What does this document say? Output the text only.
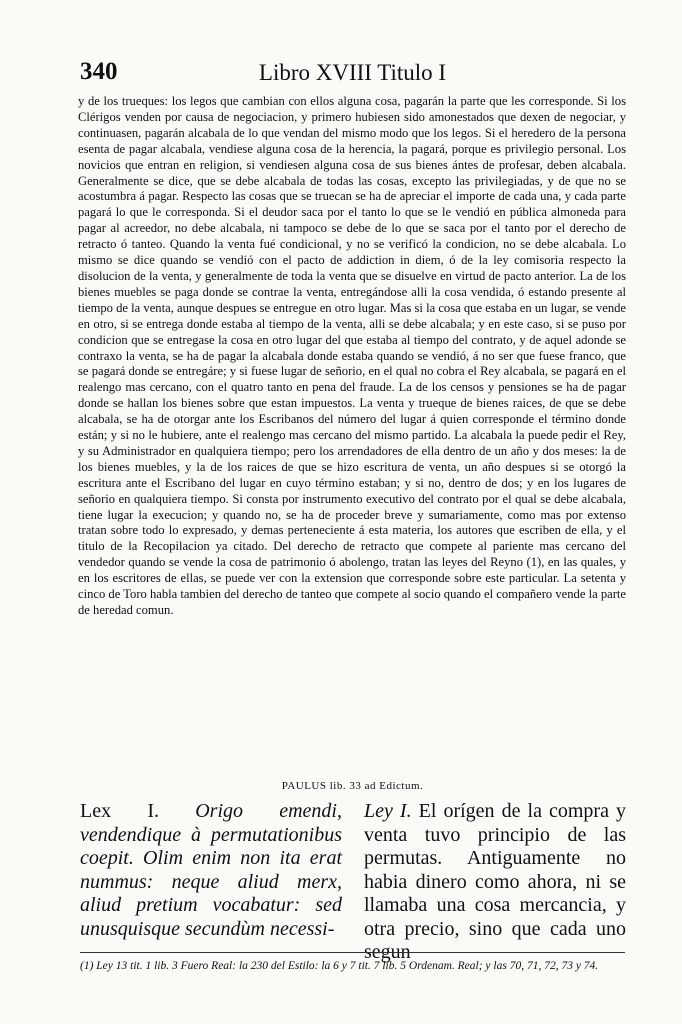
340	Libro XVIII Titulo I

y de los trueques: los legos que cambian con ellos alguna cosa, pagarán la parte que les corresponde. Si los Clérigos venden por causa de negociacion, y primero hubiesen sido amonestados que dexen de negociar, y continuasen, pagarán alcabala de lo que vendan del mismo modo que los legos. Si el heredero de la persona esenta de pagar alcabala, vendiese alguna cosa de la herencia, la pagará, porque es privilegio personal. Los novicios que entran en religion, si vendiesen alguna cosa de sus bienes ántes de profesar, deben alcabala. Generalmente se dice, que se debe alcabala de todas las cosas, excepto las privilegiadas, y de que no se acostumbra á pagar. Respecto las cosas que se truecan se ha de apreciar el importe de cada una, y cada parte pagará lo que le corresponda. Si el deudor saca por el tanto lo que se le vendió en pública almoneda para pagar al acreedor, no debe alcabala, ni tampoco se debe de lo que se saca por el tanto por el derecho de retracto ó tanteo. Quando la venta fué condicional, y no se verificó la condicion, no se debe alcabala. Lo mismo se dice quando se vendió con el pacto de addiction in diem, ó de la ley comisoria respecto la disolucion de la venta, y generalmente de toda la venta que se disuelve en virtud de pacto anterior. La de los bienes muebles se paga donde se contrae la venta, entregándose alli la cosa vendida, ó estando presente al tiempo de la venta, aunque despues se entregue en otro lugar. Mas si la cosa que estaba en un lugar, se vende en otro, si se entrega donde estaba al tiempo de la venta, alli se debe alcabala; y en este caso, si se puso por condicion que se entregase la cosa en otro lugar del que estaba al tiempo del contrato, y de aquel adonde se contraxo la venta, se ha de pagar la alcabala donde estaba quando se vendió, á no ser que fuese franco, que se pagará donde se entregáre; y si fuese lugar de señorio, en el qual no cobra el Rey alcabala, se pagará en el realengo mas cercano, con el quatro tanto en pena del fraude. La de los censos y pensiones se ha de pagar donde se hallan los bienes sobre que estan impuestos. La venta y trueque de bienes raices, de que se debe alcabala, se ha de otorgar ante los Escribanos del número del lugar á quien corresponde el término donde están; y si no le hubiere, ante el realengo mas cercano del mismo partido. La alcabala la puede pedir el Rey, y su Administrador en qualquiera tiempo; pero los arrendadores de ella dentro de un año y dos meses: la de los bienes muebles, y la de los raices de que se hizo escritura de venta, un año despues si se otorgó la escritura ante el Escribano del lugar en cuyo término estaban; y si no, dentro de dos; y en los lugares de señorio en qualquiera tiempo. Si consta por instrumento executivo del contrato por el qual se debe alcabala, tiene lugar la execucion; y quando no, se ha de proceder breve y sumariamente, como mas por extenso tratan sobre todo lo expresado, y demas perteneciente á esta materia, los autores que escriben de ella, y el titulo de la Recopilacion ya citado. Del derecho de retracto que compete al pariente mas cercano del vendedor quando se vende la cosa de patrimonio ó abolengo, tratan las leyes del Reyno (1), en las quales, y en los escritores de ellas, se puede ver con la extension que corresponde sobre este particular. La setenta y cinco de Toro habla tambien del derecho de tanteo que compete al socio quando el compañero vende la parte de heredad comun.

PAULUS lib. 33 ad Edictum.

Lex I. Origo emendi, vendendique à permutationibus coepit. Olim enim non ita erat nummus: neque aliud merx, aliud pretium vocabatur: sed unusquisque secundùm necessi-

Ley I. El orígen de la compra y venta tuvo principio de las permutas. Antiguamente no habia dinero como ahora, ni se llamaba una cosa mercancia, y otra precio, sino que cada uno segun

(1) Ley 13 tit. 1 lib. 3 Fuero Real: la 230 del Estilo: la 6 y 7 tit. 7 lib. 5 Ordenam. Real; y las 70, 71, 72, 73 y 74.
